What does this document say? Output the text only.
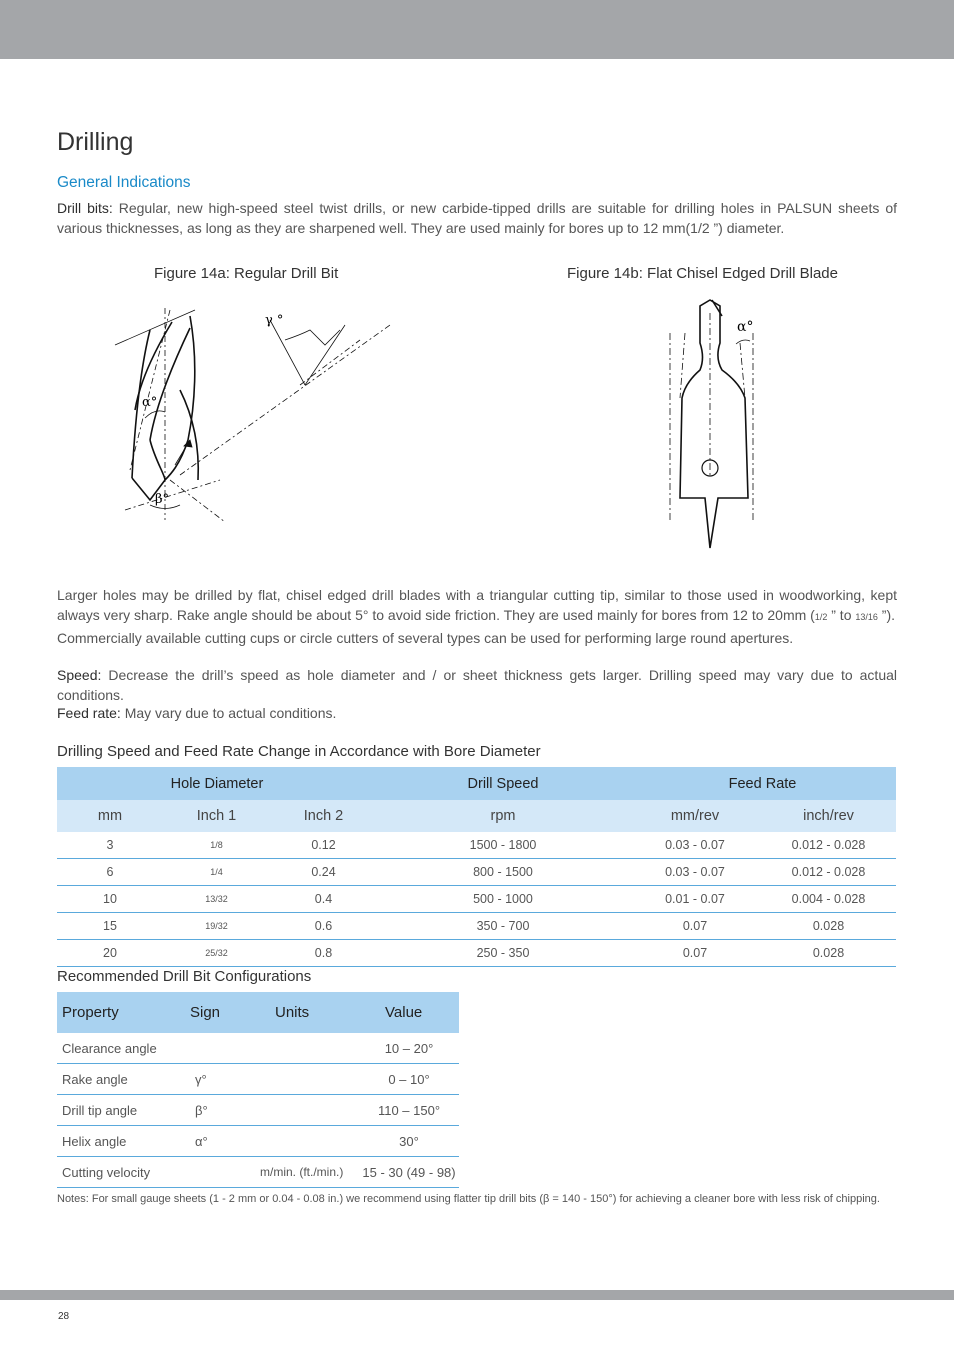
Drilling
General Indications
Drill bits: Regular, new high-speed steel twist drills, or new carbide-tipped drills are suitable for drilling holes in PALSUN sheets of various thicknesses, as long as they are sharpened well. They are used mainly for bores up to 12 mm(1/2 ”) diameter.
Figure 14a: Regular Drill Bit	Figure 14b: Flat Chisel Edged Drill Blade
γ °
α°
β°
α°
Larger holes may be drilled by flat, chisel edged drill blades with a triangular cutting tip, similar to those used in woodworking, kept always very sharp. Rake angle should be about 5° to avoid side friction. They are used mainly for bores from 12 to 20mm (1/2 ” to 13/16 ”).
Commercially available cutting cups or circle cutters of several types can be used for performing large round apertures.
Speed: Decrease the drill’s speed as hole diameter and / or sheet thickness gets larger. Drilling speed may vary due to actual conditions.
Feed rate: May vary due to actual conditions.
Drilling Speed and Feed Rate Change in Accordance with Bore Diameter
Hole Diameter			Drill Speed	Feed Rate	
mm	Inch 1	Inch 2	rpm	mm/rev	inch/rev
3	1/8	0.12	1500 - 1800	0.03 - 0.07	0.012 - 0.028
6	1/4	0.24	800 - 1500	0.03 - 0.07	0.012 - 0.028
10	13/32	0.4	500 - 1000	0.01 - 0.07	0.004 - 0.028
15	19/32	0.6	350 - 700	0.07	0.028
20	25/32	0.8	250 - 350	0.07	0.028
Recommended Drill Bit Configurations
Property	Sign	Units	Value
Clearance angle			10 – 20°
Rake angle	γ°		0 – 10°
Drill tip angle	β°		110 – 150°
Helix angle	α°		30°
Cutting velocity		m/min. (ft./min.)	15 - 30 (49 - 98)
Notes: For small gauge sheets (1 - 2 mm or 0.04 - 0.08 in.) we recommend using flatter tip drill bits (β = 140 - 150°) for achieving a cleaner bore with less risk of chipping.
28
